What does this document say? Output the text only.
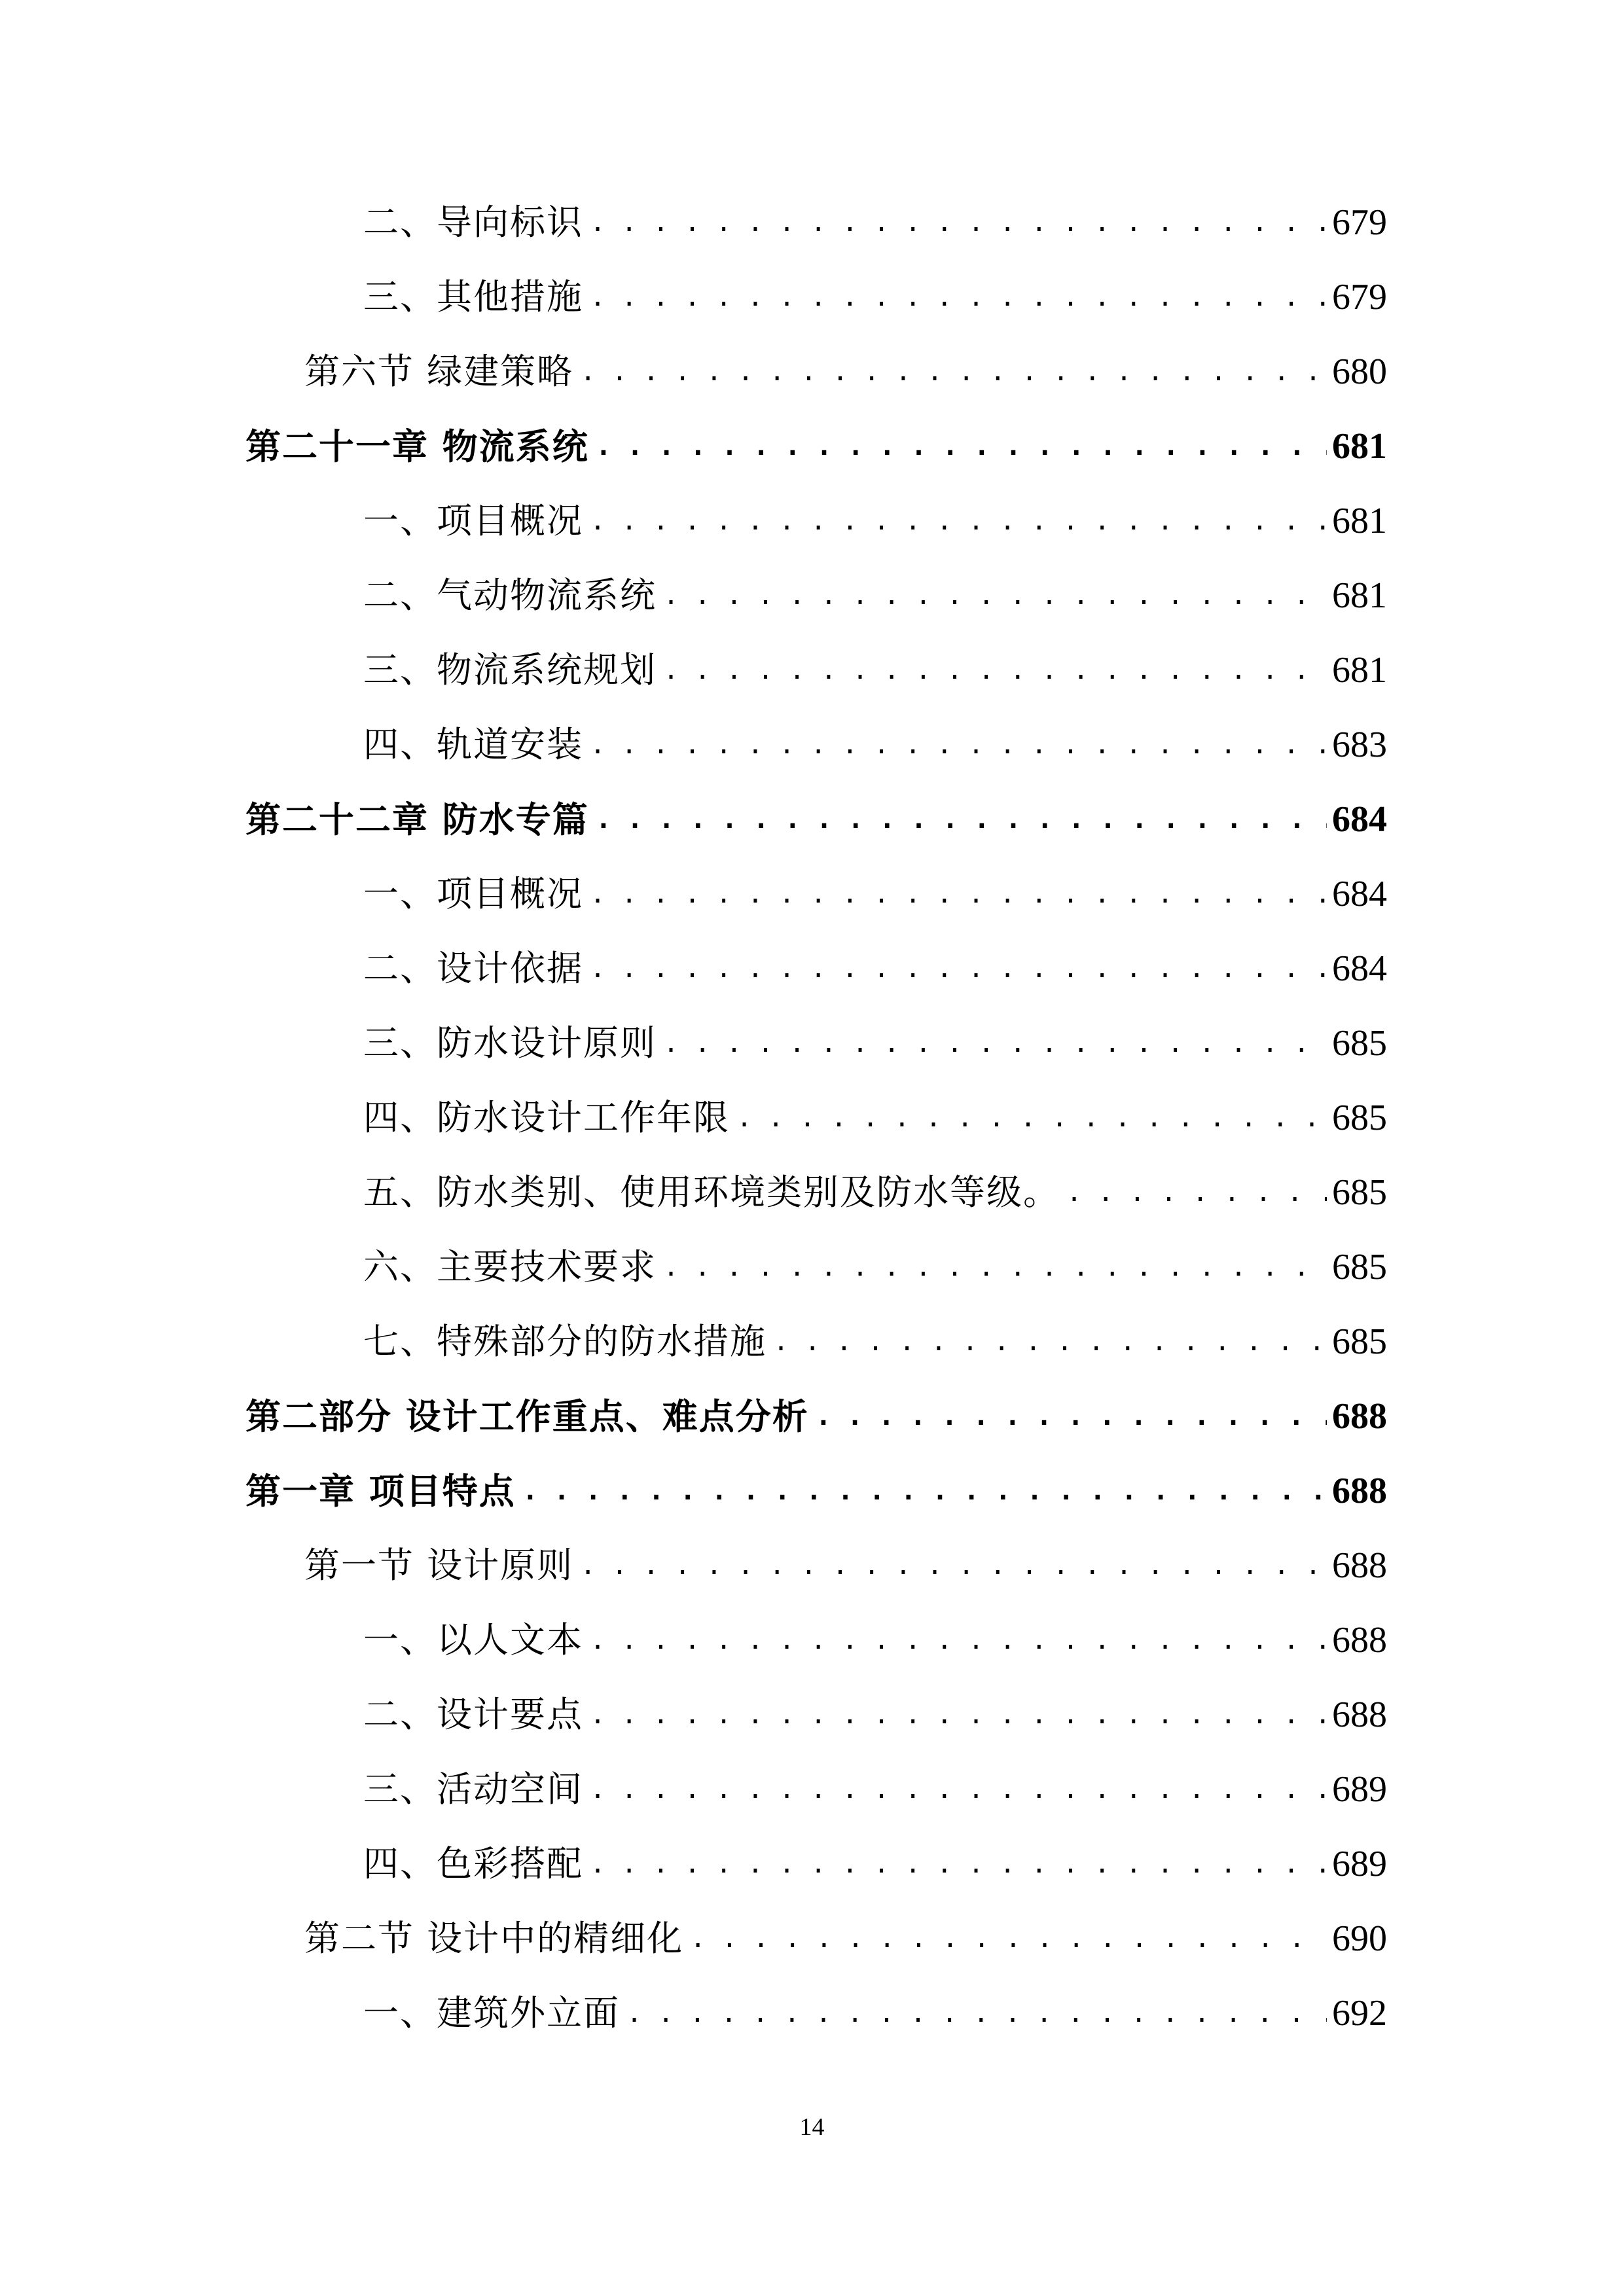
二、导向标识 . . .	679
三、其他措施 . . .	679
第六节 绿建策略 . . .	680
第二十一章 物流系统 . . .	681
一、项目概况 . . .	681
二、气动物流系统 . . .	681
三、物流系统规划 . . .	681
四、轨道安装 . . .	683
第二十二章 防水专篇 . . .	684
一、项目概况 . . .	684
二、设计依据 . . .	684
三、防水设计原则 . . .	685
四、防水设计工作年限 . . .	685
五、防水类别、使用环境类别及防水等级。 . . .	685
六、主要技术要求 . . .	685
七、特殊部分的防水措施 . . .	685
第二部分 设计工作重点、难点分析 . . .	688
第一章 项目特点 . . .	688
第一节 设计原则 . . .	688
一、以人文本 . . .	688
二、设计要点 . . .	688
三、活动空间 . . .	689
四、色彩搭配 . . .	689
第二节 设计中的精细化 . . .	690
一、建筑外立面 . . .	692
14
